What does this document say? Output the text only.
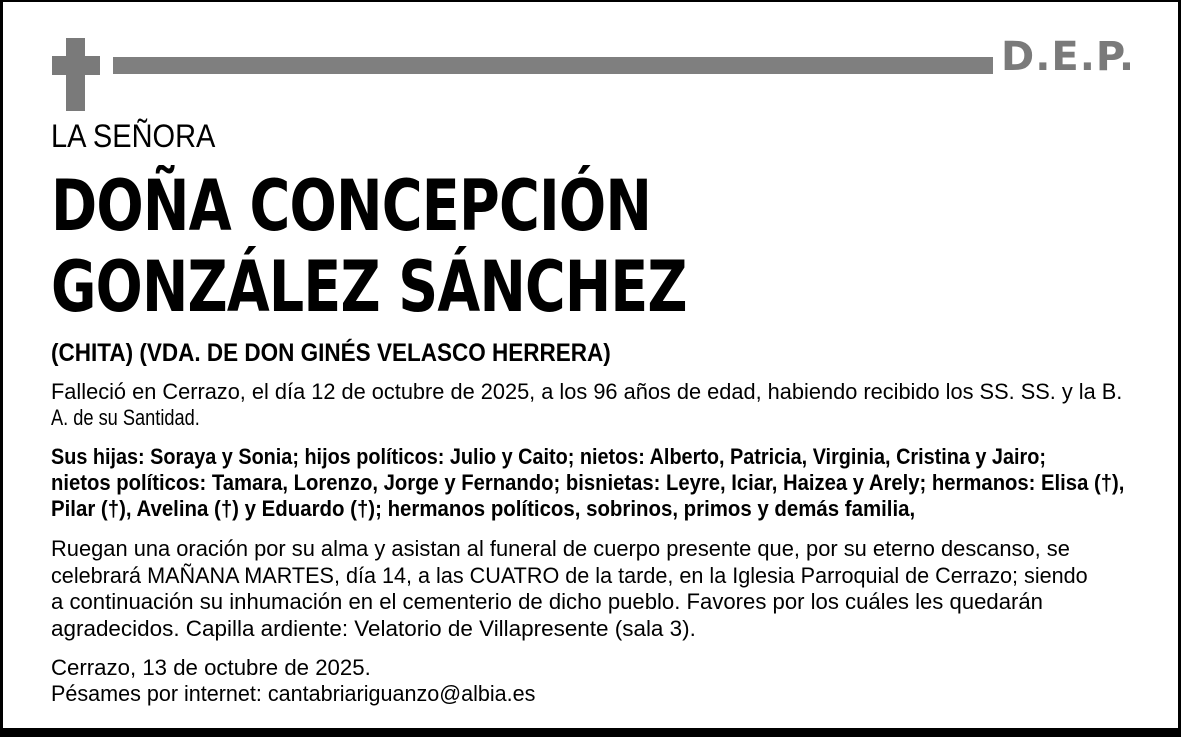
D.E.P.
LA SEÑORA
DOÑA CONCEPCIÓN
GONZÁLEZ SÁNCHEZ
(CHITA) (VDA. DE DON GINÉS VELASCO HERRERA)
Falleció en Cerrazo, el día 12 de octubre de 2025, a los 96 años de edad, habiendo recibido los SS. SS. y la B.
A. de su Santidad.
Sus hijas: Soraya y Sonia; hijos políticos: Julio y Caito; nietos: Alberto, Patricia, Virginia, Cristina y Jairo;
nietos políticos: Tamara, Lorenzo, Jorge y Fernando; bisnietas: Leyre, Iciar, Haizea y Arely; hermanos: Elisa (†),
Pilar (†), Avelina (†) y Eduardo (†); hermanos políticos, sobrinos, primos y demás familia,
Ruegan una oración por su alma y asistan al funeral de cuerpo presente que, por su eterno descanso, se
celebrará MAÑANA MARTES, día 14, a las CUATRO de la tarde, en la Iglesia Parroquial de Cerrazo; siendo
a continuación su inhumación en el cementerio de dicho pueblo. Favores por los cuáles les quedarán
agradecidos. Capilla ardiente: Velatorio de Villapresente (sala 3).
Cerrazo, 13 de octubre de 2025.
Pésames por internet: cantabriariguanzo@albia.es
